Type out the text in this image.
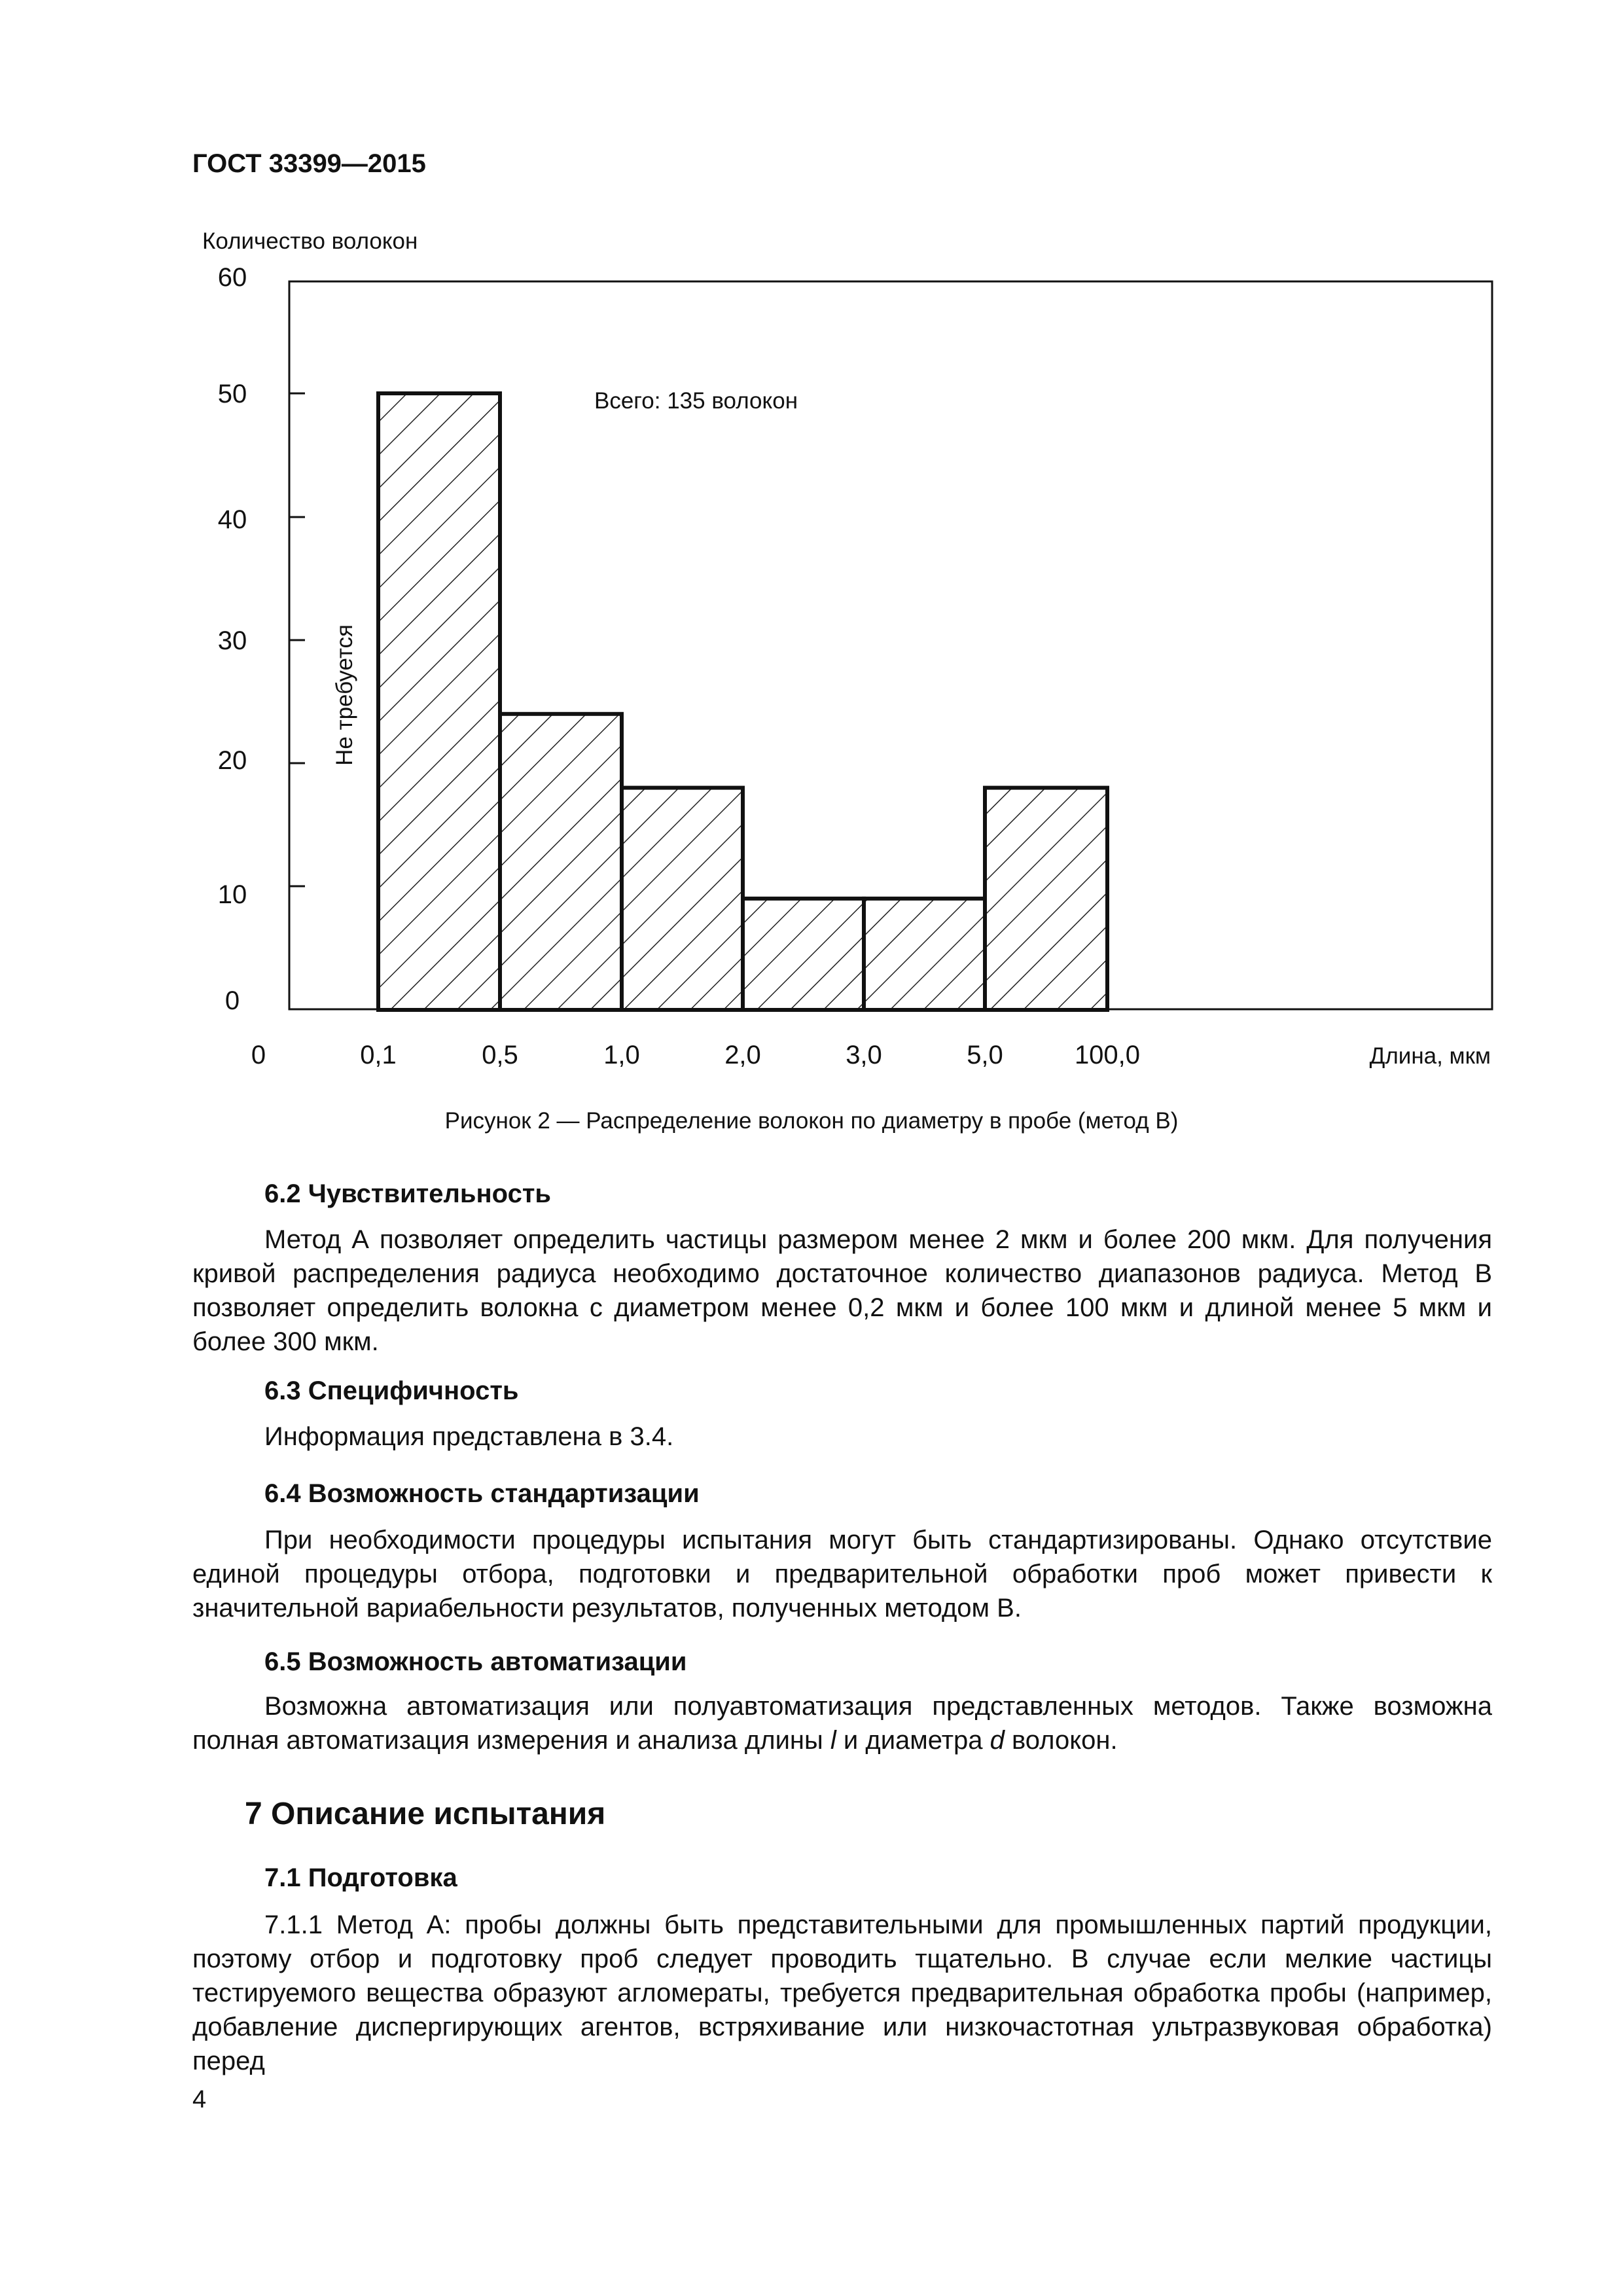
ГОСТ 33399—2015
Количество волокон
Длина, мкм
0
10
20
30
40
50
60
0	0,1	0,5	1,0	2,0	3,0	5,0	100,0
Всего: 135 волокон
Не требуется
Рисунок 2 — Распределение волокон по диаметру в пробе (метод В)
6.2 Чувствительность
Метод А позволяет определить частицы размером менее 2 мкм и более 200 мкм. Для получения кривой распределения радиуса необходимо достаточное количество диапазонов радиуса. Метод В позволяет определить волокна с диаметром менее 0,2 мкм и более 100 мкм и длиной менее 5 мкм и более 300 мкм.
6.3 Специфичность
Информация представлена в 3.4.
6.4 Возможность стандартизации
При необходимости процедуры испытания могут быть стандартизированы. Однако отсутствие единой процедуры отбора, подготовки и предварительной обработки проб может привести к значительной вариабельности результатов, полученных методом В.
6.5 Возможность автоматизации
Возможна автоматизация или полуавтоматизация представленных методов. Также возможна полная автоматизация измерения и анализа длины l и диаметра d волокон.
7 Описание испытания
7.1 Подготовка
7.1.1 Метод А: пробы должны быть представительными для промышленных партий продукции, поэтому отбор и подготовку проб следует проводить тщательно. В случае если мелкие частицы тестируемого вещества образуют агломераты, требуется предварительная обработка пробы (например, добавление диспергирующих агентов, встряхивание или низкочастотная ультразвуковая обработка) перед
4
